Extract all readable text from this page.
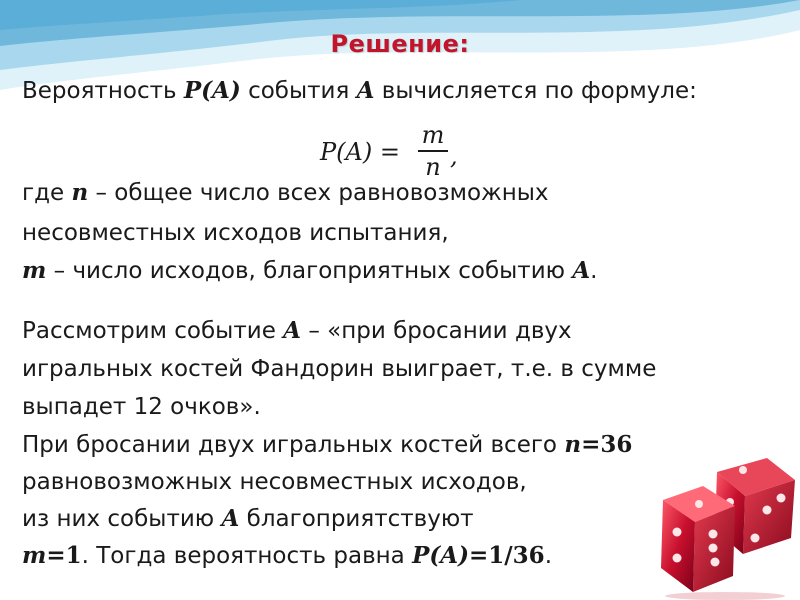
Решение:
Вероятность P(A) события A вычисляется по формуле:
P(A) =
m
n ,
где n – общее число всех равновозможных
несовместных исходов испытания,
m – число исходов, благоприятных событию A.
Рассмотрим событие A – «при бросании двух
игральных костей Фандорин выиграет, т.е. в сумме
выпадет 12 очков».
При бросании двух игральных костей всего n=36
равновозможных несовместных исходов,
из них событию A благоприятствуют
m=1. Тогда вероятность равна P(A)=1/36.
